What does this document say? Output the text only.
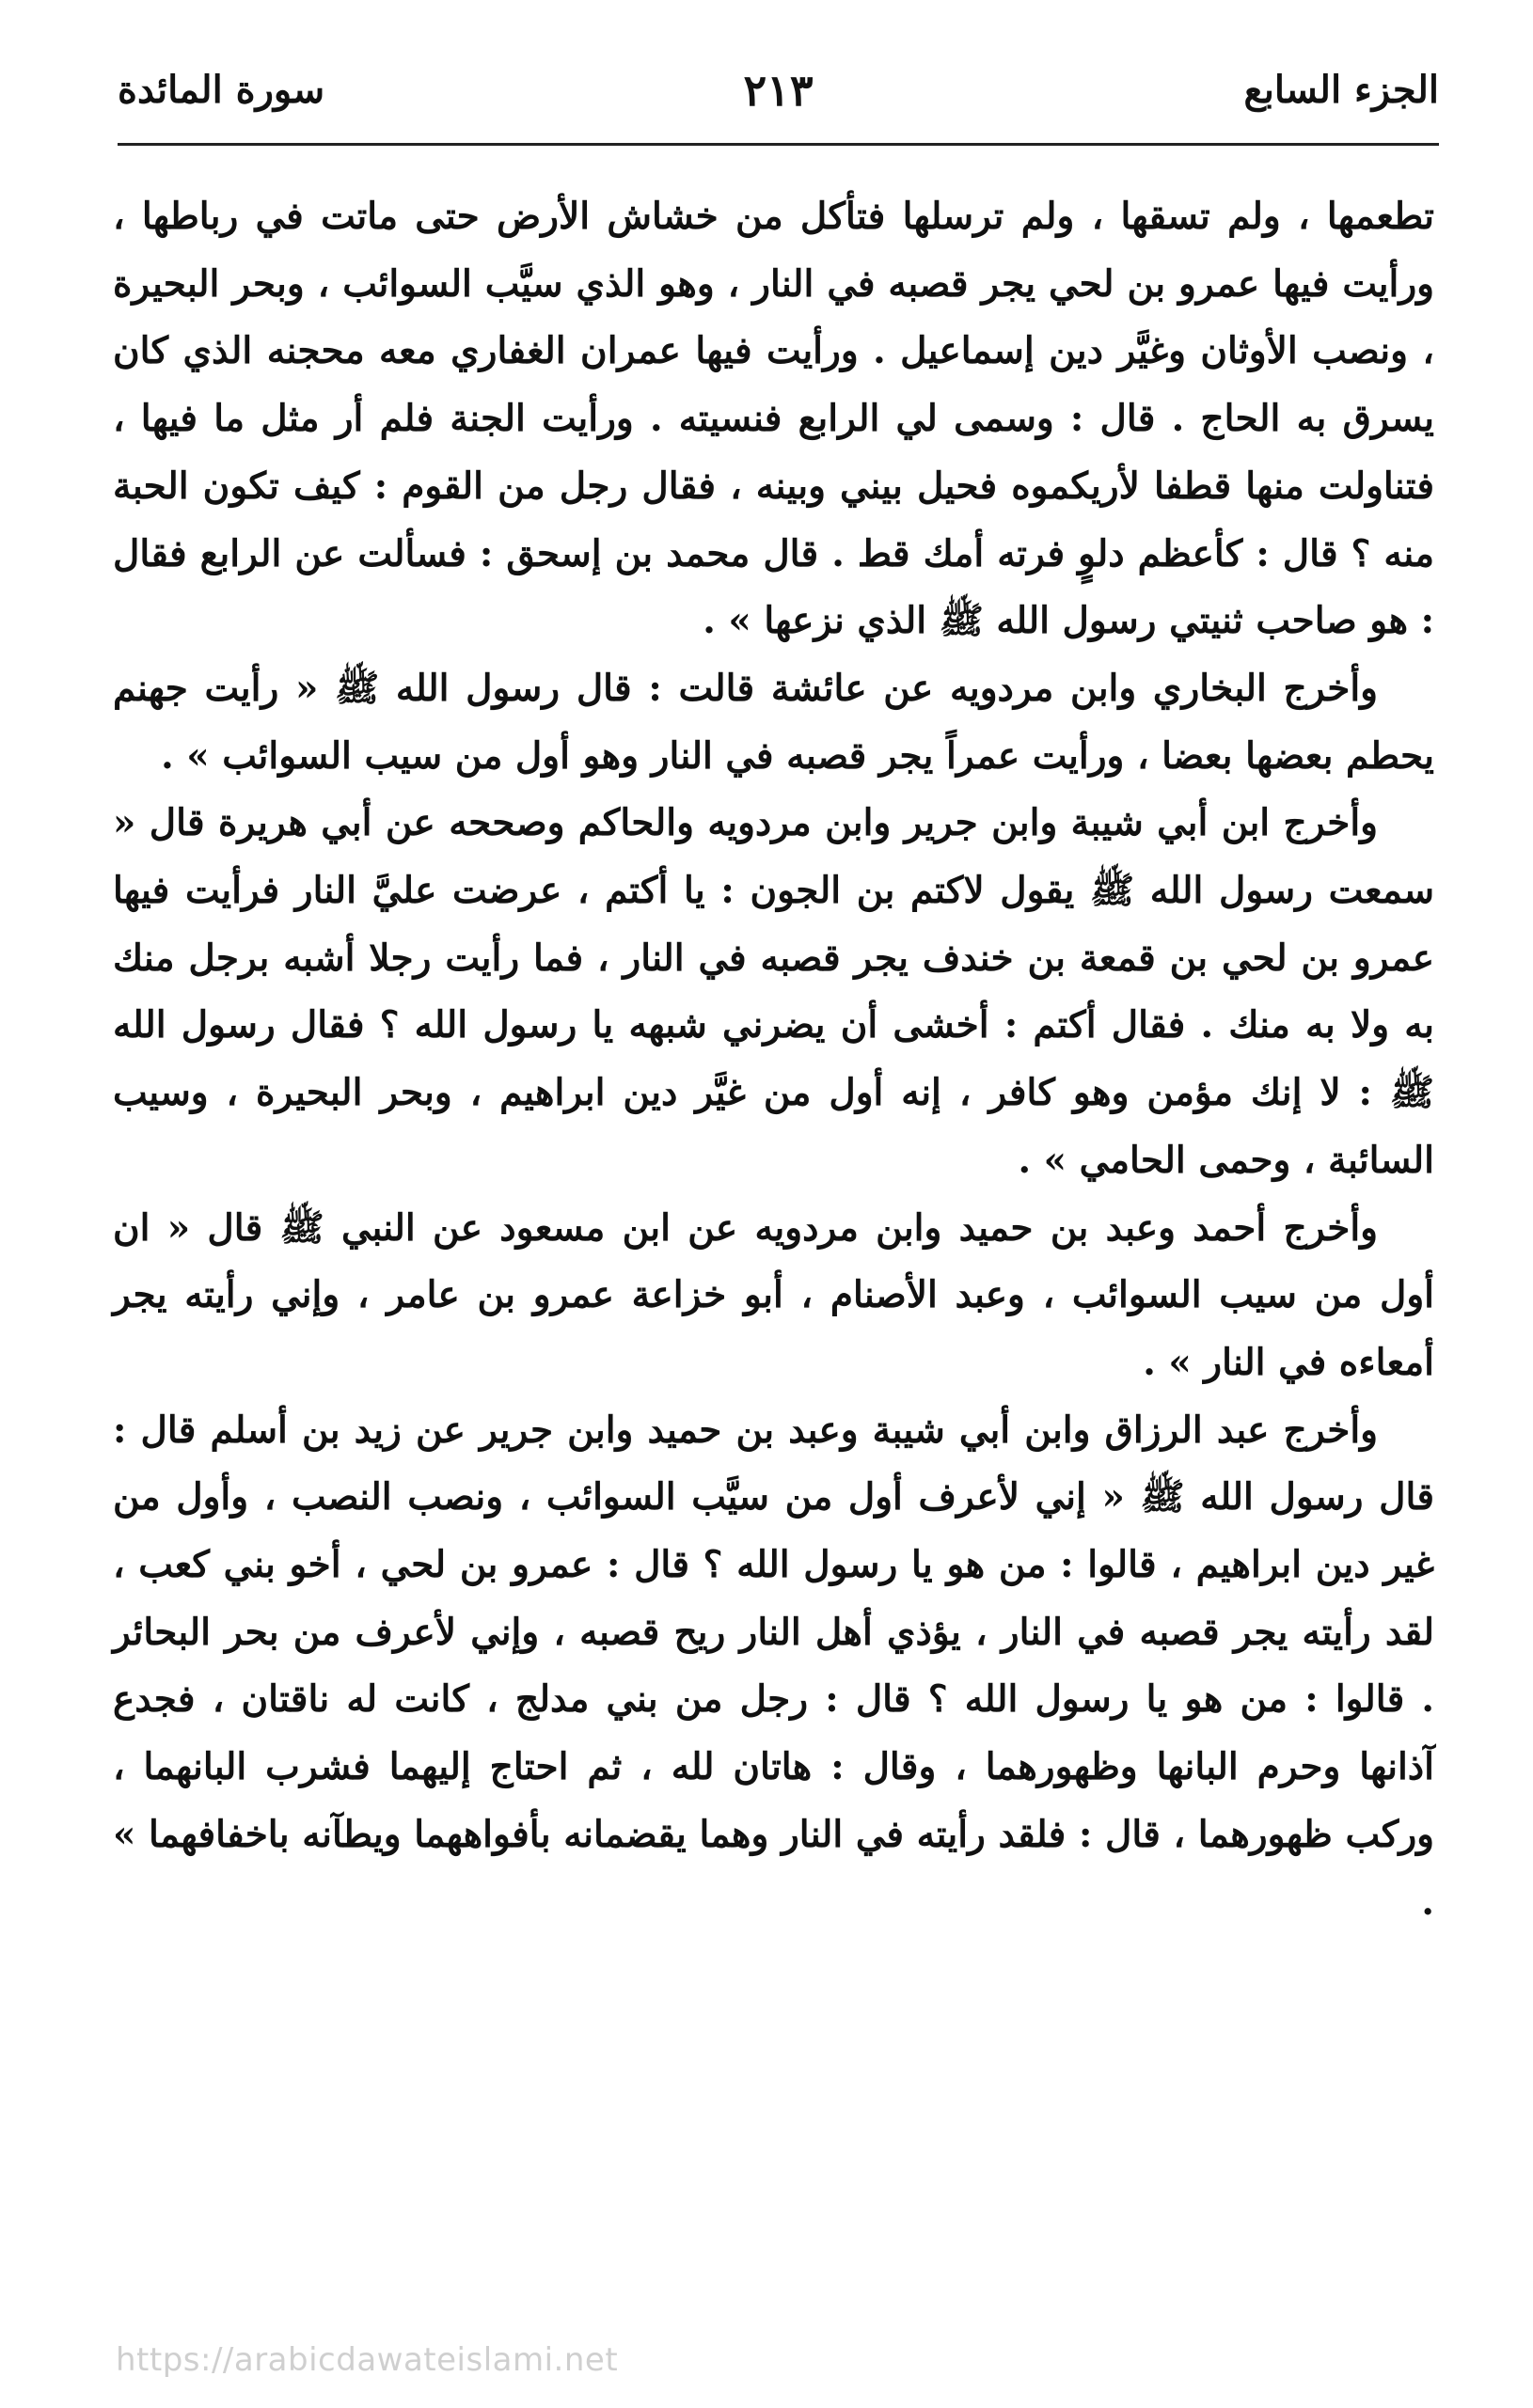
الجزء السابع
٢١٣
سورة المائدة

تطعمها ، ولم تسقها ، ولم ترسلها فتأكل من خشاش الأرض حتى ماتت في رباطها ، ورأيت فيها عمرو بن لحي يجر قصبه في النار ، وهو الذي سيَّب السوائب ، وبحر البحيرة ، ونصب الأوثان وغيَّر دين إسماعيل . ورأيت فيها عمران الغفاري معه محجنه الذي كان يسرق به الحاج . قال : وسمى لي الرابع فنسيته . ورأيت الجنة فلم أر مثل ما فيها ، فتناولت منها قطفا لأريكموه فحيل بيني وبينه ، فقال رجل من القوم : كيف تكون الحبة منه ؟ قال : كأعظم دلوٍ فرته أمك قط . قال محمد بن إسحق : فسألت عن الرابع فقال : هو صاحب ثنيتي رسول الله ﷺ الذي نزعها » .

وأخرج البخاري وابن مردويه عن عائشة قالت : قال رسول الله ﷺ « رأيت جهنم يحطم بعضها بعضا ، ورأيت عمراً يجر قصبه في النار وهو أول من سيب السوائب » .

وأخرج ابن أبي شيبة وابن جرير وابن مردويه والحاكم وصححه عن أبي هريرة قال « سمعت رسول الله ﷺ يقول لاكتم بن الجون : يا أكتم ، عرضت عليَّ النار فرأيت فيها عمرو بن لحي بن قمعة بن خندف يجر قصبه في النار ، فما رأيت رجلا أشبه برجل منك به ولا به منك . فقال أكتم : أخشى أن يضرني شبهه يا رسول الله ؟ فقال رسول الله ﷺ : لا إنك مؤمن وهو كافر ، إنه أول من غيَّر دين ابراهيم ، وبحر البحيرة ، وسيب السائبة ، وحمى الحامي » .

وأخرج أحمد وعبد بن حميد وابن مردويه عن ابن مسعود عن النبي ﷺ قال « ان أول من سيب السوائب ، وعبد الأصنام ، أبو خزاعة عمرو بن عامر ، وإني رأيته يجر أمعاءه في النار » .

وأخرج عبد الرزاق وابن أبي شيبة وعبد بن حميد وابن جرير عن زيد بن أسلم قال : قال رسول الله ﷺ « إني لأعرف أول من سيَّب السوائب ، ونصب النصب ، وأول من غير دين ابراهيم ، قالوا : من هو يا رسول الله ؟ قال : عمرو بن لحي ، أخو بني كعب ، لقد رأيته يجر قصبه في النار ، يؤذي أهل النار ريح قصبه ، وإني لأعرف من بحر البحائر . قالوا : من هو يا رسول الله ؟ قال : رجل من بني مدلج ، كانت له ناقتان ، فجدع آذانها وحرم البانها وظهورهما ، وقال : هاتان لله ، ثم احتاج إليهما فشرب البانهما ، وركب ظهورهما ، قال : فلقد رأيته في النار وهما يقضمانه بأفواههما ويطآنه باخفافهما » .

https://arabicdawateislami.net
